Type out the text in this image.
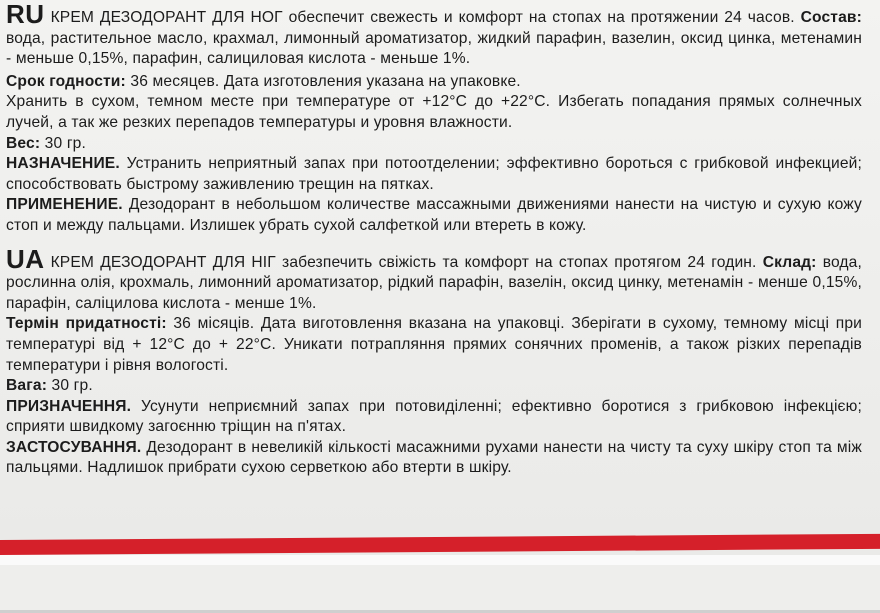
RU КРЕМ ДЕЗОДОРАНТ ДЛЯ НОГ обеспечит свежесть и комфорт на стопах на протяжении 24 часов. Состав: вода, растительное масло, крахмал, лимонный ароматизатор, жидкий парафин, вазелин, оксид цинка, метенамин - меньше 0,15%, парафин, салициловая кислота - меньше 1%.

Срок годности: 36 месяцев. Дата изготовления указана на упаковке.

Хранить в сухом, темном месте при температуре от +12°С до +22°С. Избегать попадания прямых солнечных лучей, а так же резких перепадов температуры и уровня влажности.

Вес: 30 гр.

НАЗНАЧЕНИЕ. Устранить неприятный запах при потоотделении; эффективно бороться с грибковой инфекцией; способствовать быстрому заживлению трещин на пятках.

ПРИМЕНЕНИЕ. Дезодорант в небольшом количестве массажными движениями нанести на чистую и сухую кожу стоп и между пальцами. Излишек убрать сухой салфеткой или втереть в кожу.

UA КРЕМ ДЕЗОДОРАНТ ДЛЯ НІГ забезпечить свіжість та комфорт на стопах протягом 24 годин. Склад: вода, рослинна олія, крохмаль, лимонний ароматизатор, рідкий парафін, вазелін, оксид цинку, метенамін - менше 0,15%, парафін, саліцилова кислота - менше 1%.

Термін придатності: 36 місяців. Дата виготовлення вказана на упаковці. Зберігати в сухому, темному місці при температурі від + 12°С до + 22°С. Уникати потрапляння прямих сонячних променів, а також різких перепадів температури і рівня вологості.

Вага: 30 гр.

ПРИЗНАЧЕННЯ. Усунути неприємний запах при потовиділенні; ефективно боротися з грибковою інфекцією; сприяти швидкому загоєнню тріщин на п'ятах.

ЗАСТОСУВАННЯ. Дезодорант в невеликій кількості масажними рухами нанести на чисту та суху шкіру стоп та між пальцями. Надлишок прибрати сухою серветкою або втерти в шкіру.
